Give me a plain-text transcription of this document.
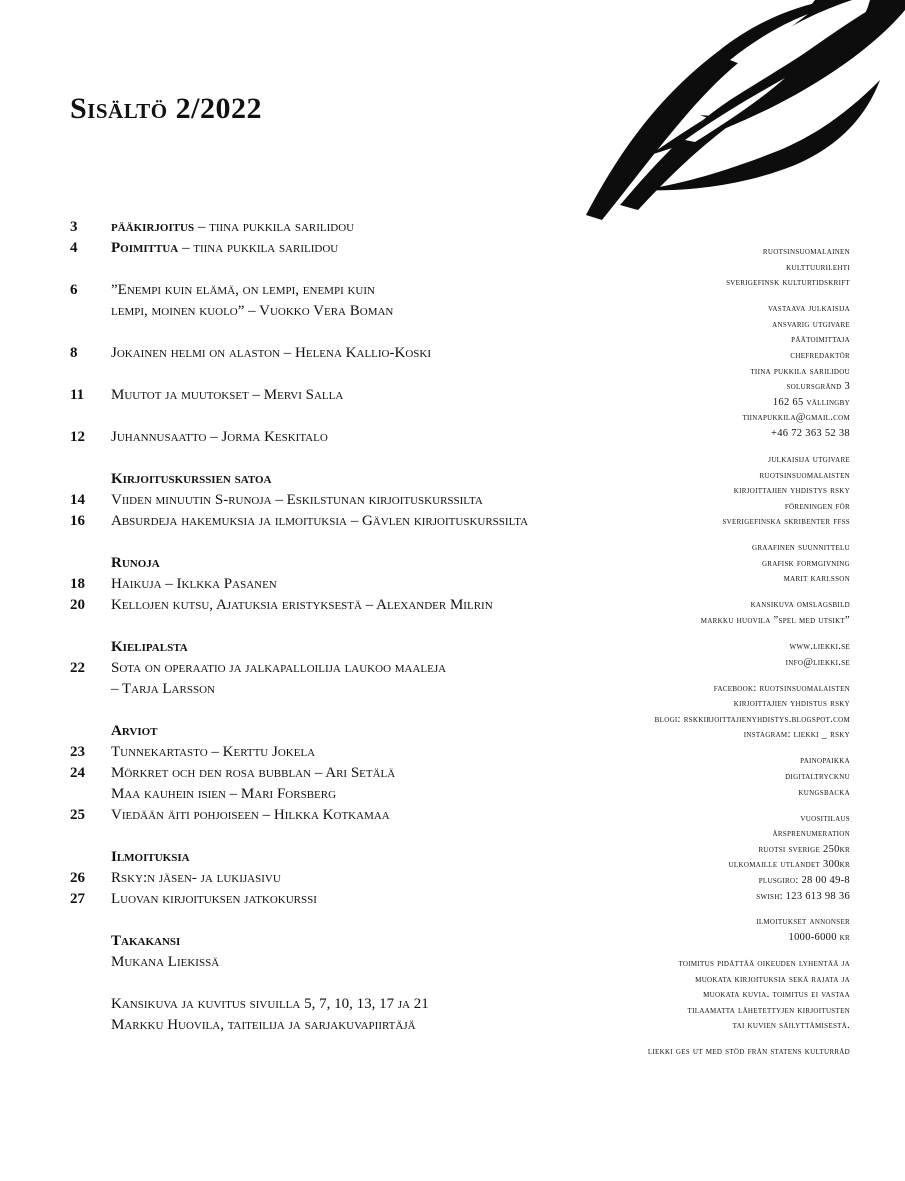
Sisältö 2/2022
3	pääkirjoitus – tiina pukkila sarilidou
4	Poimittua – tiina pukkila sarilidou
6	”Enempi kuin elämä, on lempi, enempi kuin
lempi, moinen kuolo” – Vuokko Vera Boman
8	Jokainen helmi on alaston – Helena Kallio-Koski
11	Muutot ja muutokset – Mervi Salla
12	Juhannusaatto – Jorma Keskitalo
Kirjoituskurssien satoa
14	Viiden minuutin S-runoja – Eskilstunan kirjoituskurssilta
16	Absurdeja hakemuksia ja ilmoituksia – Gävlen kirjoituskurssilta
Runoja
18	Haikuja – Iklkka Pasanen
20	Kellojen kutsu, Ajatuksia eristyksestä – Alexander Milrin
Kielipalsta
22	Sota on operaatio ja jalkapalloilija laukoo maaleja
– Tarja Larsson
Arviot
23	Tunnekartasto – Kerttu Jokela
24	Mörkret och den rosa bubblan – Ari Setälä
Maa kauhein isien – Mari Forsberg
25	Viedään äiti pohjoiseen – Hilkka Kotkamaa
Ilmoituksia
26	Rsky:n jäsen- ja lukijasivu
27	Luovan kirjoituksen jatkokurssi
Takakansi
Mukana Liekissä
Kansikuva ja kuvitus sivuilla 5, 7, 10, 13, 17 ja 21
Markku Huovila, taiteilija ja sarjakuvapiirtäjä
ruotsinsuomalainen
kulttuurilehti
sverigefinsk kulturtidskrift
vastaava julkaisija
ansvarig utgivare
päätoimittaja
chefredaktör
tiina pukkila sarilidou
solursgränd 3
162 65 vällingby
tiinapukkila@gmail.com
+46 72 363 52 38
julkaisija utgivare
ruotsinsuomalaisten
kirjoittajien yhdistys rsky
föreningen för
sverigefinska skribenter ffss
graafinen suunnittelu
grafisk formgivning
marit karlsson
kansikuva omslagsbild
markku huovila ”spel med utsikt”
www.liekki.se
info@liekki.se
facebook: ruotsinsuomalaisten
kirjoittajien yhdistus rsky
blogi: rskkirjoittajienyhdistys.blogspot.com
instagram: liekki _ rsky
painopaikka
digitaltrycknu
kungsbacka
vuositilaus
årsprenumeration
ruotsi sverige 250kr
ulkomaille utlandet 300kr
plusgiro: 28 00 49-8
swish: 123 613 98 36
ilmoitukset annonser
1000-6000 kr
toimitus pidättää oikeuden lyhentää ja
muokata kirjoituksia sekä rajata ja
muokata kuvia. toimitus ei vastaa
tilaamatta lähetettyjen kirjoitusten
tai kuvien säilyttämisestä.
liekki ges ut med stöd från statens kulturråd
